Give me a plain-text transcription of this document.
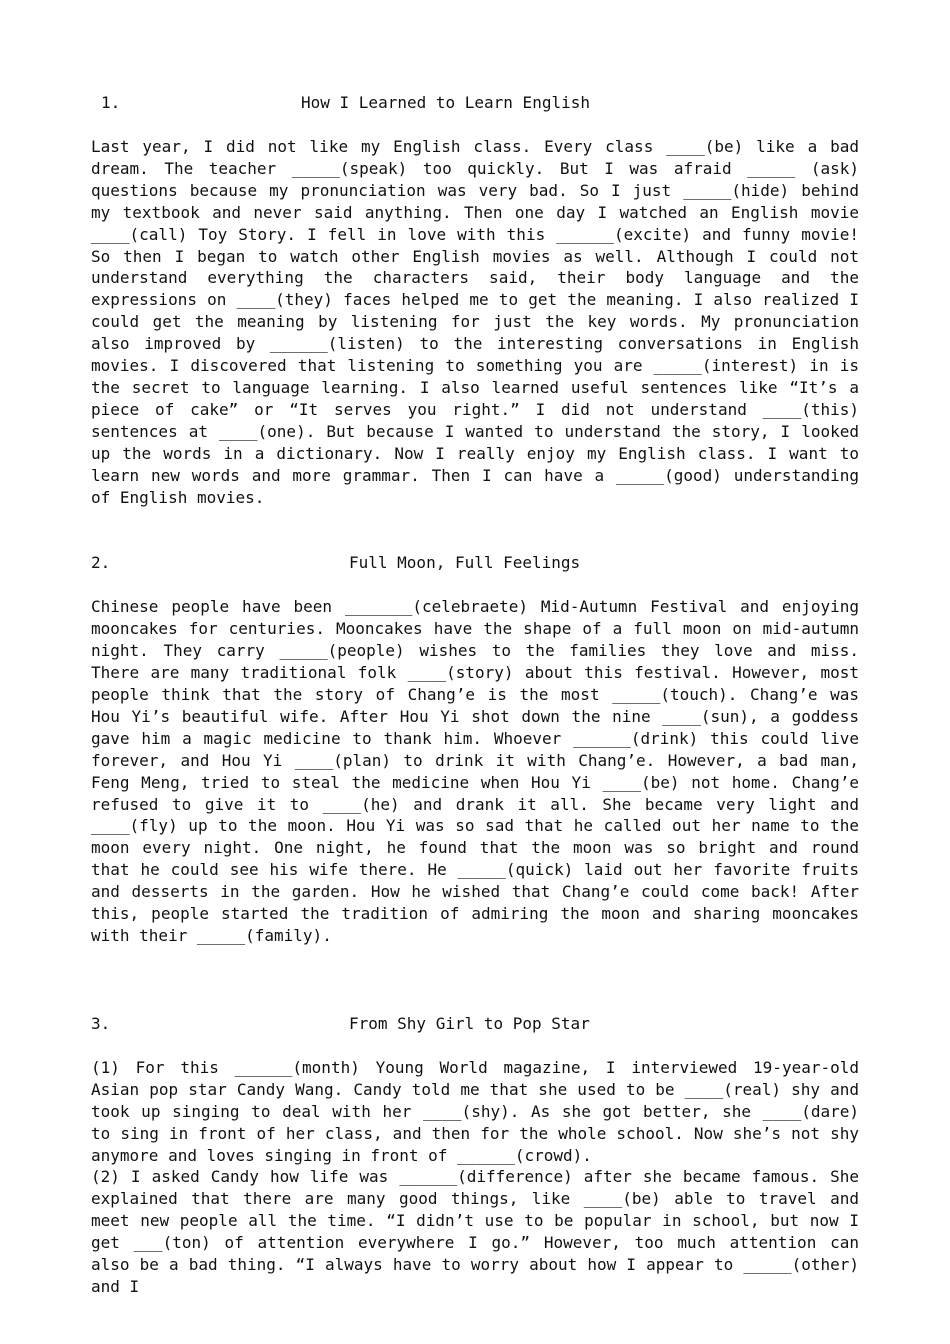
1.

	How I Learned to Learn English

Last year, I did not like my English class. Every class ____(be) like a bad dream. The teacher _____(speak) too quickly. But I was afraid _____ (ask) questions because my pronunciation was very bad. So I just _____(hide) behind my textbook and never said anything. Then one day I watched an English movie ____(call) Toy Story. I fell in love with this ______(excite) and funny movie! So then I began to watch other English movies as well. Although I could not understand everything the characters said, their body language and the expressions on ____(they) faces helped me to get the meaning. I also realized I could get the meaning by listening for just the key words. My pronunciation also improved by ______(listen) to the interesting conversations in English movies. I discovered that listening to something you are _____(interest) in is the secret to language learning. I also learned useful sentences like “It’s a piece of cake” or “It serves you right.” I did not understand ____(this) sentences at ____(one). But because I wanted to understand the story, I looked up the words in a dictionary. Now I really enjoy my English class. I want to learn new words and more grammar. Then I can have a _____(good) understanding of English movies.

2.

	Full Moon, Full Feelings

Chinese people have been _______(celebraete) Mid-Autumn Festival and enjoying mooncakes for centuries. Mooncakes have the shape of a full moon on mid-autumn night. They carry _____(people) wishes to the families they love and miss. There are many traditional folk ____(story) about this festival. However, most people think that the story of Chang’e is the most _____(touch). Chang’e was Hou Yi’s beautiful wife. After Hou Yi shot down the nine ____(sun), a goddess gave him a magic medicine to thank him. Whoever ______(drink) this could live forever, and Hou Yi ____(plan) to drink it with Chang’e. However, a bad man, Feng Meng, tried to steal the medicine when Hou Yi ____(be) not home. Chang’e refused to give it to ____(he) and drank it all. She became very light and ____(fly) up to the moon. Hou Yi was so sad that he called out her name to the moon every night. One night, he found that the moon was so bright and round that he could see his wife there. He _____(quick) laid out her favorite fruits and desserts in the garden. How he wished that Chang’e could come back! After this, people started the tradition of admiring the moon and sharing mooncakes with their _____(family).

3.

	From Shy Girl to Pop Star

(1) For this ______(month) Young World magazine, I interviewed 19-year-old Asian pop star Candy Wang. Candy told me that she used to be ____(real) shy and took up singing to deal with her ____(shy). As she got better, she ____(dare) to sing in front of her class, and then for the whole school. Now she’s not shy anymore and loves singing in front of ______(crowd).

(2) I asked Candy how life was ______(difference) after she became famous. She explained that there are many good things, like ____(be) able to travel and meet new people all the time. “I didn’t use to be popular in school, but now I get ___(ton) of attention everywhere I go.” However, too much attention can also be a bad thing. “I always have to worry about how I appear to _____(other) and I
